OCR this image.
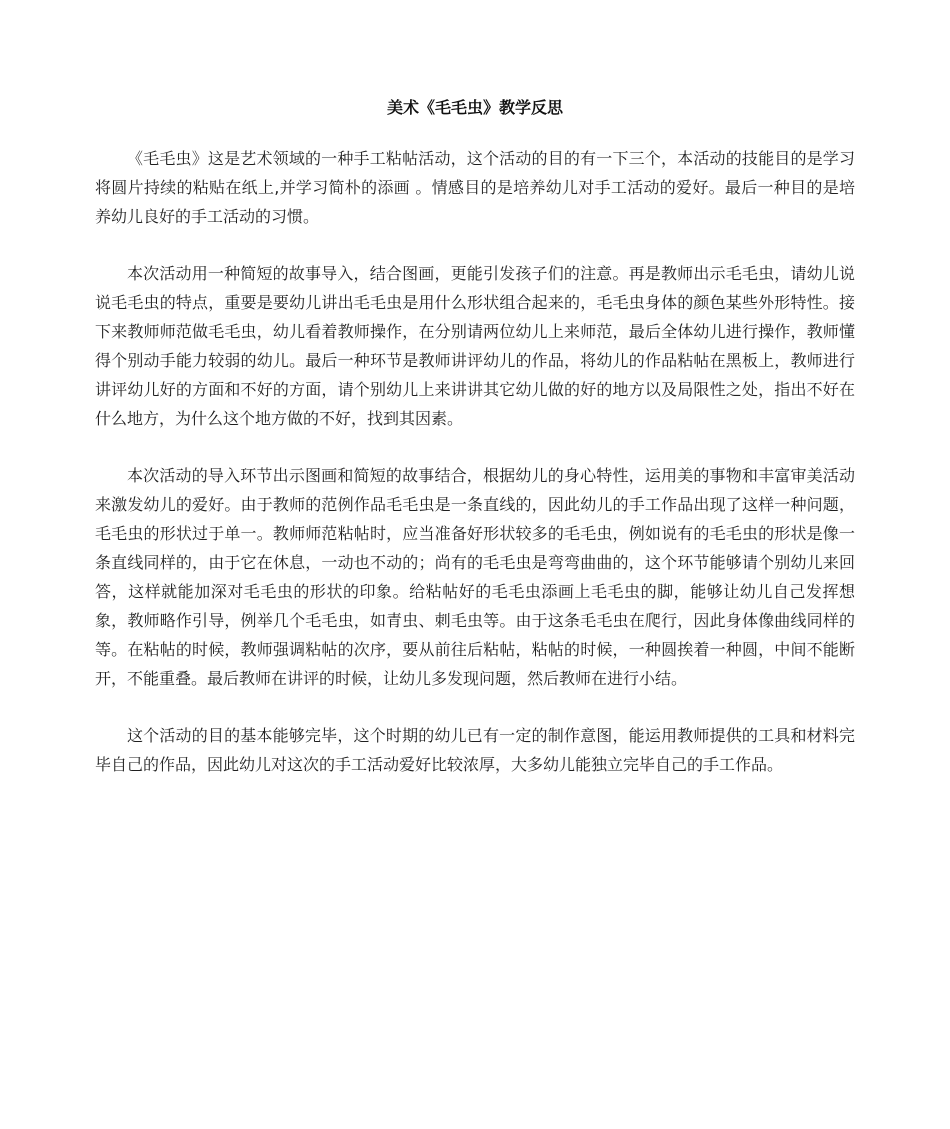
美术《毛毛虫》教学反思

《毛毛虫》这是艺术领域的一种手工粘帖活动，这个活动的目的有一下三个，本活动的技能目的是学习将圆片持续的粘贴在纸上,并学习简朴的添画 。情感目的是培养幼儿对手工活动的爱好。最后一种目的是培养幼儿良好的手工活动的习惯。

本次活动用一种简短的故事导入，结合图画，更能引发孩子们的注意。再是教师出示毛毛虫，请幼儿说说毛毛虫的特点，重要是要幼儿讲出毛毛虫是用什么形状组合起来的，毛毛虫身体的颜色某些外形特性。接下来教师师范做毛毛虫，幼儿看着教师操作，在分别请两位幼儿上来师范，最后全体幼儿进行操作，教师懂得个别动手能力较弱的幼儿。最后一种环节是教师讲评幼儿的作品，将幼儿的作品粘帖在黑板上，教师进行讲评幼儿好的方面和不好的方面，请个别幼儿上来讲讲其它幼儿做的好的地方以及局限性之处，指出不好在什么地方，为什么这个地方做的不好，找到其因素。

本次活动的导入环节出示图画和简短的故事结合，根据幼儿的身心特性，运用美的事物和丰富审美活动来激发幼儿的爱好。由于教师的范例作品毛毛虫是一条直线的，因此幼儿的手工作品出现了这样一种问题，毛毛虫的形状过于单一。教师师范粘帖时，应当准备好形状较多的毛毛虫，例如说有的毛毛虫的形状是像一条直线同样的，由于它在休息，一动也不动的；尚有的毛毛虫是弯弯曲曲的，这个环节能够请个别幼儿来回答，这样就能加深对毛毛虫的形状的印象。给粘帖好的毛毛虫添画上毛毛虫的脚，能够让幼儿自己发挥想象，教师略作引导，例举几个毛毛虫，如青虫、刺毛虫等。由于这条毛毛虫在爬行，因此身体像曲线同样的等。在粘帖的时候，教师强调粘帖的次序，要从前往后粘帖，粘帖的时候，一种圆挨着一种圆，中间不能断开，不能重叠。最后教师在讲评的时候，让幼儿多发现问题，然后教师在进行小结。

这个活动的目的基本能够完毕，这个时期的幼儿已有一定的制作意图，能运用教师提供的工具和材料完毕自己的作品，因此幼儿对这次的手工活动爱好比较浓厚，大多幼儿能独立完毕自己的手工作品。
